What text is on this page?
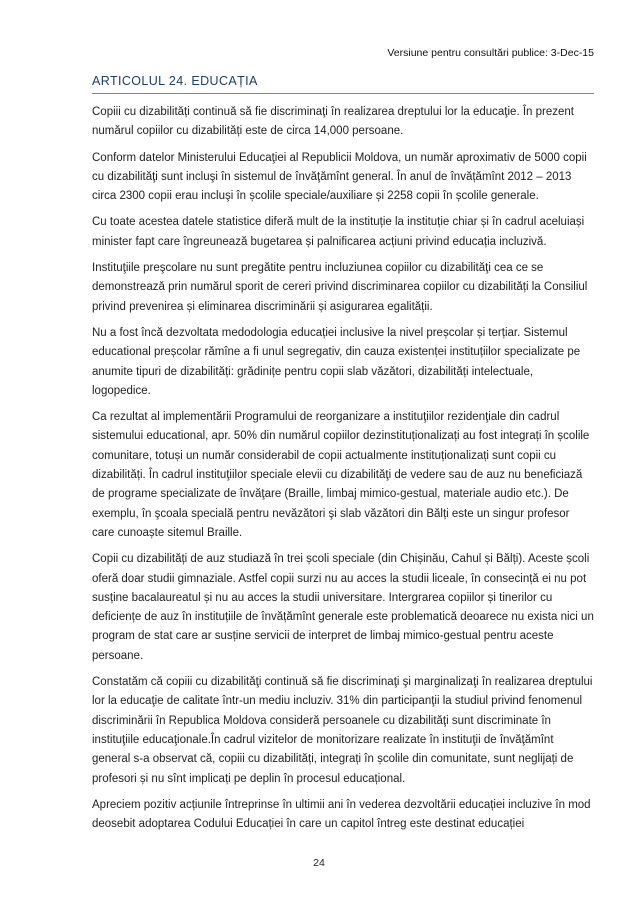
Versiune pentru consultări publice: 3-Dec-15
ARTICOLUL 24. EDUCAȚIA

Copiii cu dizabilități continuă să fie discriminaţi în realizarea dreptului lor la educaţie. În prezent numărul copiilor cu dizabilități este de circa 14,000 persoane.

Conform datelor Ministerului Educaţiei al Republicii Moldova, un număr aproximativ de 5000 copii cu dizabilităţi sunt incluşi în sistemul de învăţămînt general. În anul de învățămînt 2012 – 2013 circa 2300 copii erau incluşi în școlile speciale/auxiliare și 2258 copii în școlile generale.

Cu toate acestea datele statistice diferă mult de la instituție la instituție chiar și în cadrul aceluiași minister fapt care îngreunează bugetarea și palnificarea acțiuni privind educația incluzivă.

Instituţiile preşcolare nu sunt pregătite pentru incluziunea copiilor cu dizabilităţi cea ce se demonstrează prin numărul sporit de cereri privind discriminarea copiilor cu dizabilități la Consiliul privind prevenirea și eliminarea discriminării și asigurarea egalității.

Nu a fost încă dezvoltata medodologia educației inclusive la nivel preșcolar și terțiar. Sistemul educational preșcolar rămîne a fi unul segregativ, din cauza existenței instituțiilor specializate pe anumite tipuri de dizabilități: grădinițe pentru copii slab văzători, dizabilități intelectuale, logopedice.

Ca rezultat al implementării Programului de reorganizare a instituţiilor rezidenţiale din cadrul sistemului educational, apr. 50% din numărul copiilor dezinstituționalizați au fost integrați în școlile comunitare, totuși un număr considerabil de copii actualmente instituționalizați sunt copii cu dizabilități. În cadrul instituţiilor speciale elevii cu dizabilităţi de vedere sau de auz nu beneficiază de programe specializate de învăţare (Braille, limbaj mimico-gestual, materiale audio etc.). De exemplu, în şcoala specială pentru nevăzători şi slab văzători din Bălți este un singur profesor care cunoaște sitemul Braille.

Copii cu dizabilități de auz studiază în trei școli speciale (din Chișinău, Cahul și Bălți). Aceste școli oferă doar studii gimnaziale. Astfel copii surzi nu au acces la studii liceale, în consecință ei nu pot susține bacalaureatul și nu au acces la studii universitare. Intergrarea copiilor și tinerilor cu deficiențe de auz în instituțiile de învățămînt generale este problematică deoarece nu exista nici un program de stat care ar susține servicii de interpret de limbaj mimico-gestual pentru aceste persoane.

Constatăm că copiii cu dizabilităţi continuă să fie discriminaţi şi marginalizaţi în realizarea dreptului lor la educaţie de calitate într-un mediu incluziv. 31% din participanţii la studiul privind fenomenul discriminării în Republica Moldova consideră persoanele cu dizabilităţi sunt discriminate în instituţiile educaţionale.În cadrul vizitelor de monitorizare realizate în instituţii de învăţămînt general s-a observat că, copiii cu dizabilități, integrați în școlile din comunitate, sunt neglijați de profesori și nu sînt implicați pe deplin în procesul educațional.

Apreciem pozitiv acțiunile întreprinse în ultimii ani în vederea dezvoltării educației incluzive în mod deosebit adoptarea Codului Educației în care un capitol întreg este destinat educației

24
